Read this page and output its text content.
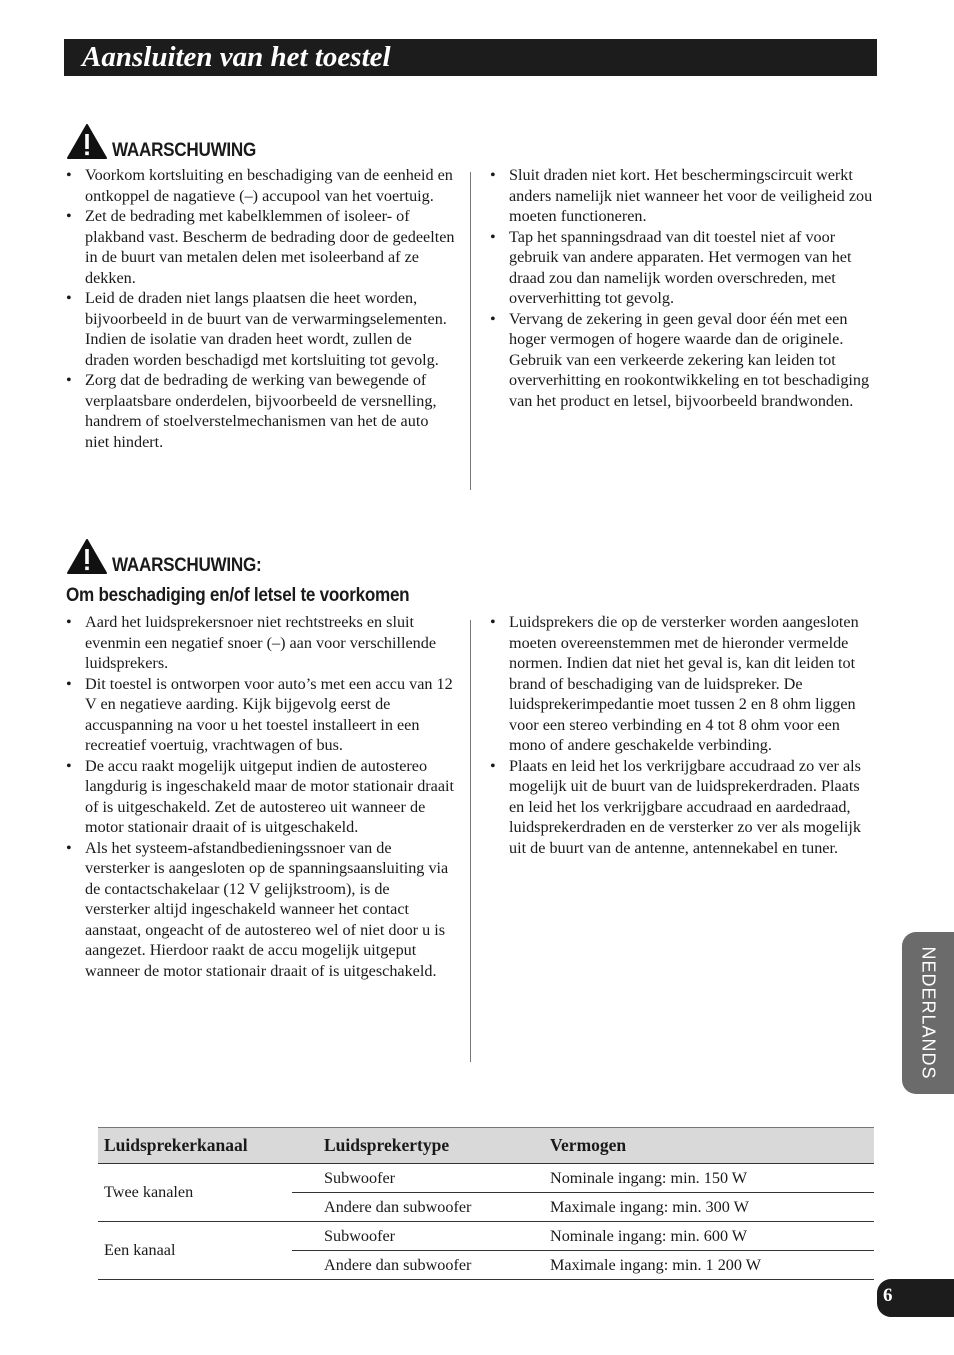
Aansluiten van het toestel
WAARSCHUWING
• Voorkom kortsluiting en beschadiging van de eenheid en ontkoppel de nagatieve (–) accupool van het voertuig.
• Zet de bedrading met kabelklemmen of isoleer- of plakband vast. Bescherm de bedrading door de gedeelten in de buurt van metalen delen met isoleerband af ze dekken.
• Leid de draden niet langs plaatsen die heet worden, bijvoorbeeld in de buurt van de verwarmingselementen. Indien de isolatie van draden heet wordt, zullen de draden worden beschadigd met kortsluiting tot gevolg.
• Zorg dat de bedrading de werking van bewegende of verplaatsbare onderdelen, bijvoorbeeld de versnelling, handrem of stoelverstelmechanismen van het de auto niet hindert.
• Sluit draden niet kort. Het beschermingscircuit werkt anders namelijk niet wanneer het voor de veiligheid zou moeten functioneren.
• Tap het spanningsdraad van dit toestel niet af voor gebruik van andere apparaten. Het vermogen van het draad zou dan namelijk worden overschreden, met oververhitting tot gevolg.
• Vervang de zekering in geen geval door één met een hoger vermogen of hogere waarde dan de originele. Gebruik van een verkeerde zekering kan leiden tot oververhitting en rookontwikkeling en tot beschadiging van het product en letsel, bijvoorbeeld brandwonden.
WAARSCHUWING:
Om beschadiging en/of letsel te voorkomen
• Aard het luidsprekersnoer niet rechtstreeks en sluit evenmin een negatief snoer (–) aan voor verschillende luidsprekers.
• Dit toestel is ontworpen voor auto’s met een accu van 12 V en negatieve aarding. Kijk bijgevolg eerst de accuspanning na voor u het toestel installeert in een recreatief voertuig, vrachtwagen of bus.
• De accu raakt mogelijk uitgeput indien de autostereo langdurig is ingeschakeld maar de motor stationair draait of is uitgeschakeld. Zet de autostereo uit wanneer de motor stationair draait of is uitgeschakeld.
• Als het systeem-afstandbedieningssnoer van de versterker is aangesloten op de spanningsaansluiting via de contactschakelaar (12 V gelijkstroom), is de versterker altijd ingeschakeld wanneer het contact aanstaat, ongeacht of de autostereo wel of niet door u is aangezet. Hierdoor raakt de accu mogelijk uitgeput wanneer de motor stationair draait of is uitgeschakeld.
• Luidsprekers die op de versterker worden aangesloten moeten overeenstemmen met de hieronder vermelde normen. Indien dat niet het geval is, kan dit leiden tot brand of beschadiging van de luidspreker. De luidsprekerimpedantie moet tussen 2 en 8 ohm liggen voor een stereo verbinding en 4 tot 8 ohm voor een mono of andere geschakelde verbinding.
• Plaats en leid het los verkrijgbare accudraad zo ver als mogelijk uit de buurt van de luidsprekerdraden. Plaats en leid het los verkrijgbare accudraad en aardedraad, luidsprekerdraden en de versterker zo ver als mogelijk uit de buurt van de antenne, antennekabel en tuner.
NEDERLANDS
Luidsprekerkanaal	Luidsprekertype	Vermogen
Twee kanalen	Subwoofer	Nominale ingang: min. 150 W
	Andere dan subwoofer	Maximale ingang: min. 300 W
Een kanaal	Subwoofer	Nominale ingang: min. 600 W
	Andere dan subwoofer	Maximale ingang: min. 1 200 W
6
